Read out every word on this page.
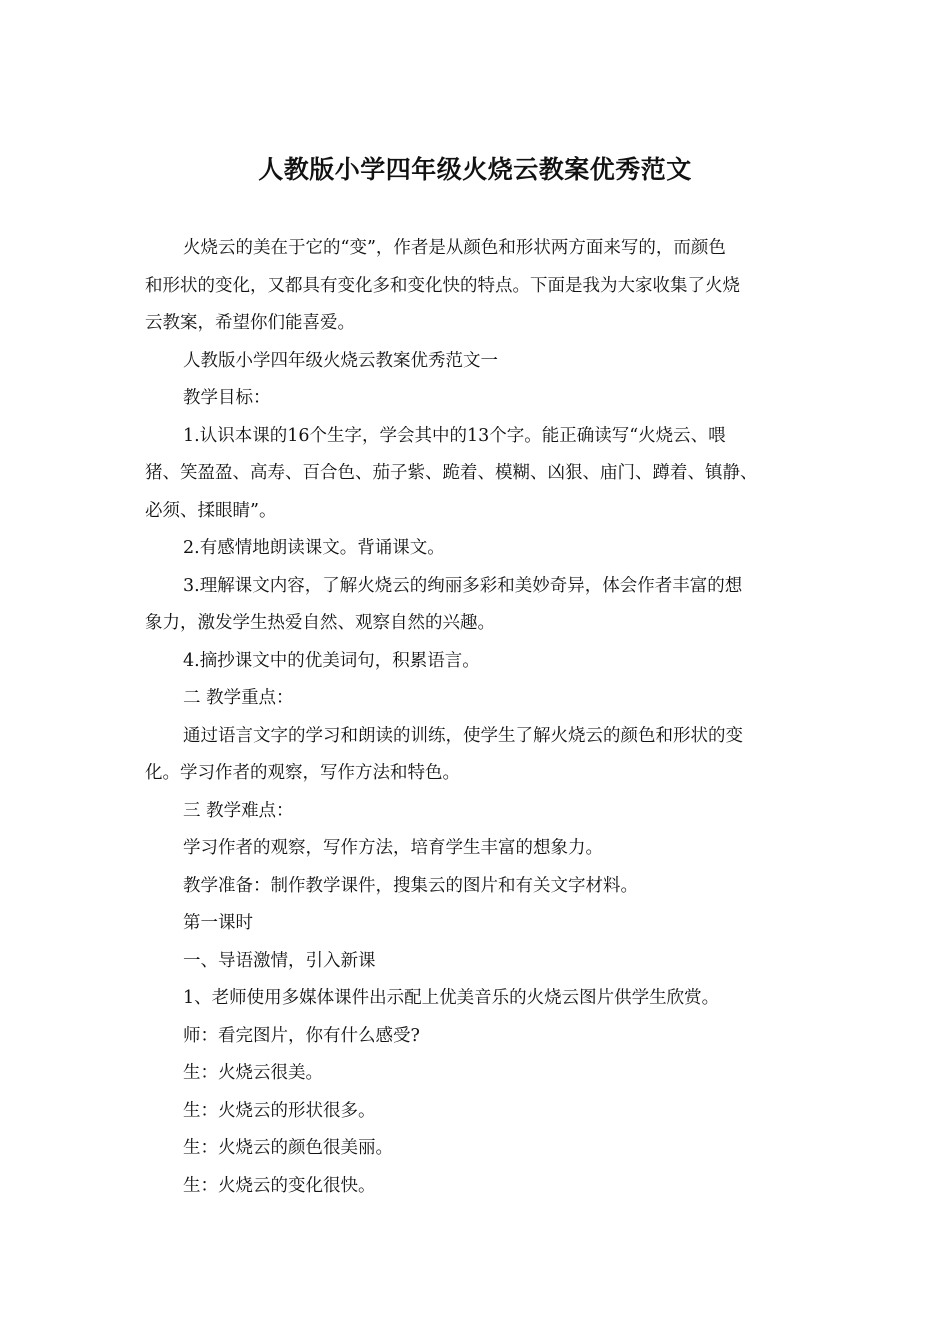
人教版小学四年级火烧云教案优秀范文
火烧云的美在于它的“变”，作者是从颜色和形状两方面来写的，而颜色
和形状的变化，又都具有变化多和变化快的特点。下面是我为大家收集了火烧
云教案，希望你们能喜爱。
人教版小学四年级火烧云教案优秀范文一
教学目标：
1.认识本课的16个生字，学会其中的13个字。能正确读写“火烧云、喂
猪、笑盈盈、高寿、百合色、茄子紫、跪着、模糊、凶狠、庙门、蹲着、镇静、
必须、揉眼睛”。
2.有感情地朗读课文。背诵课文。
3.理解课文内容，了解火烧云的绚丽多彩和美妙奇异，体会作者丰富的想
象力，激发学生热爱自然、观察自然的兴趣。
4.摘抄课文中的优美词句，积累语言。
二 教学重点：
通过语言文字的学习和朗读的训练，使学生了解火烧云的颜色和形状的变
化。学习作者的观察，写作方法和特色。
三 教学难点：
学习作者的观察，写作方法，培育学生丰富的想象力。
教学准备：制作教学课件，搜集云的图片和有关文字材料。
第一课时
一、导语激情，引入新课
1、老师使用多媒体课件出示配上优美音乐的火烧云图片供学生欣赏。
师：看完图片，你有什么感受?
生：火烧云很美。
生：火烧云的形状很多。
生：火烧云的颜色很美丽。
生：火烧云的变化很快。
